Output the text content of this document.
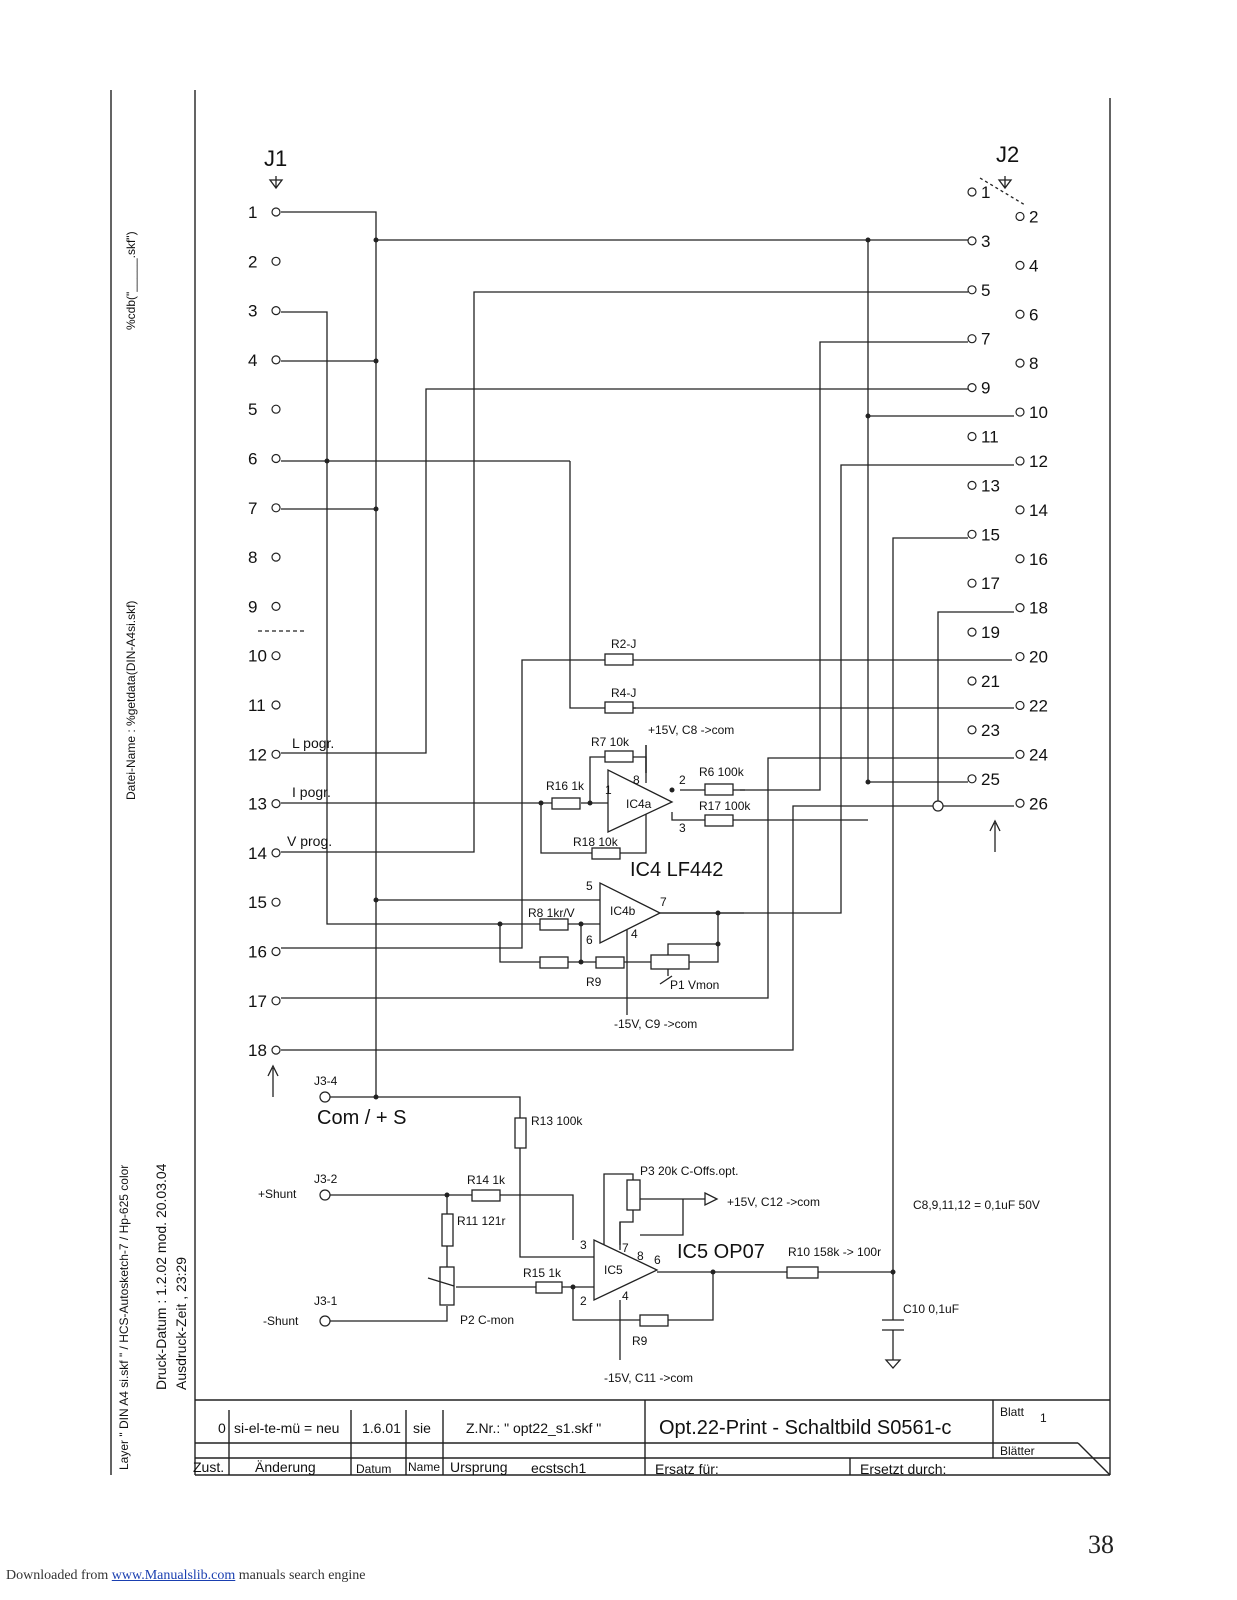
%cdb("_____.skf")
Datei-Name : %getdata(DIN-A4si.skf)
Layer " DIN A4 si.skf " / HCS-Autosketch-7 / Hp-625 color Druck-Datum : 1.2.02 mod. 20.03.04 Ausdruck-Zeit , 23:29
J1	J2
1
2
3
4
5
6
7
8
9
10
11
12
13
14
15
16
17
18
1
2
3
4
5
6
7
8
9
10
11
12
13
14
15
16
17
18
19
20
21
22
23
24
25
26
L pogr.
I pogr.
V prog.
R2-J
R4-J
+15V, C8 ->com
R7 10k
R16 1k
R6 100k
R17 100k
IC4a
R18 10k
IC4 LF442
IC4b
R8 1kr/V
R9	P1 Vmon
-15V, C9 ->com
J3-4
Com / + S	R13 100k
J3-2
+Shunt
R14 1k
P3 20k C-Offs.opt.
+15V, C12 ->com
R11 121r
IC5
IC5 OP07 R10 158k -> 100r
R15 1k
J3-1
-Shunt	P2 C-mon
R9
C10 0,1uF
-15V, C11 ->com
C8,9,11,12 = 0,1uF 50V
1
8	2
3
5
7
6	4
3	7
8 6
2	4
0 si-el-te-mü = neu 1.6.01 sie	Z.Nr.: " opt22_s1.skf "	Opt.22-Print - Schaltbild S0561-c
Blatt 1
Blätter
Zust. Änderung	Datum Name Ursprung ecstsch1	Ersatz für:	Ersetzt durch:
Downloaded from www.Manualslib.com manuals search engine
38
